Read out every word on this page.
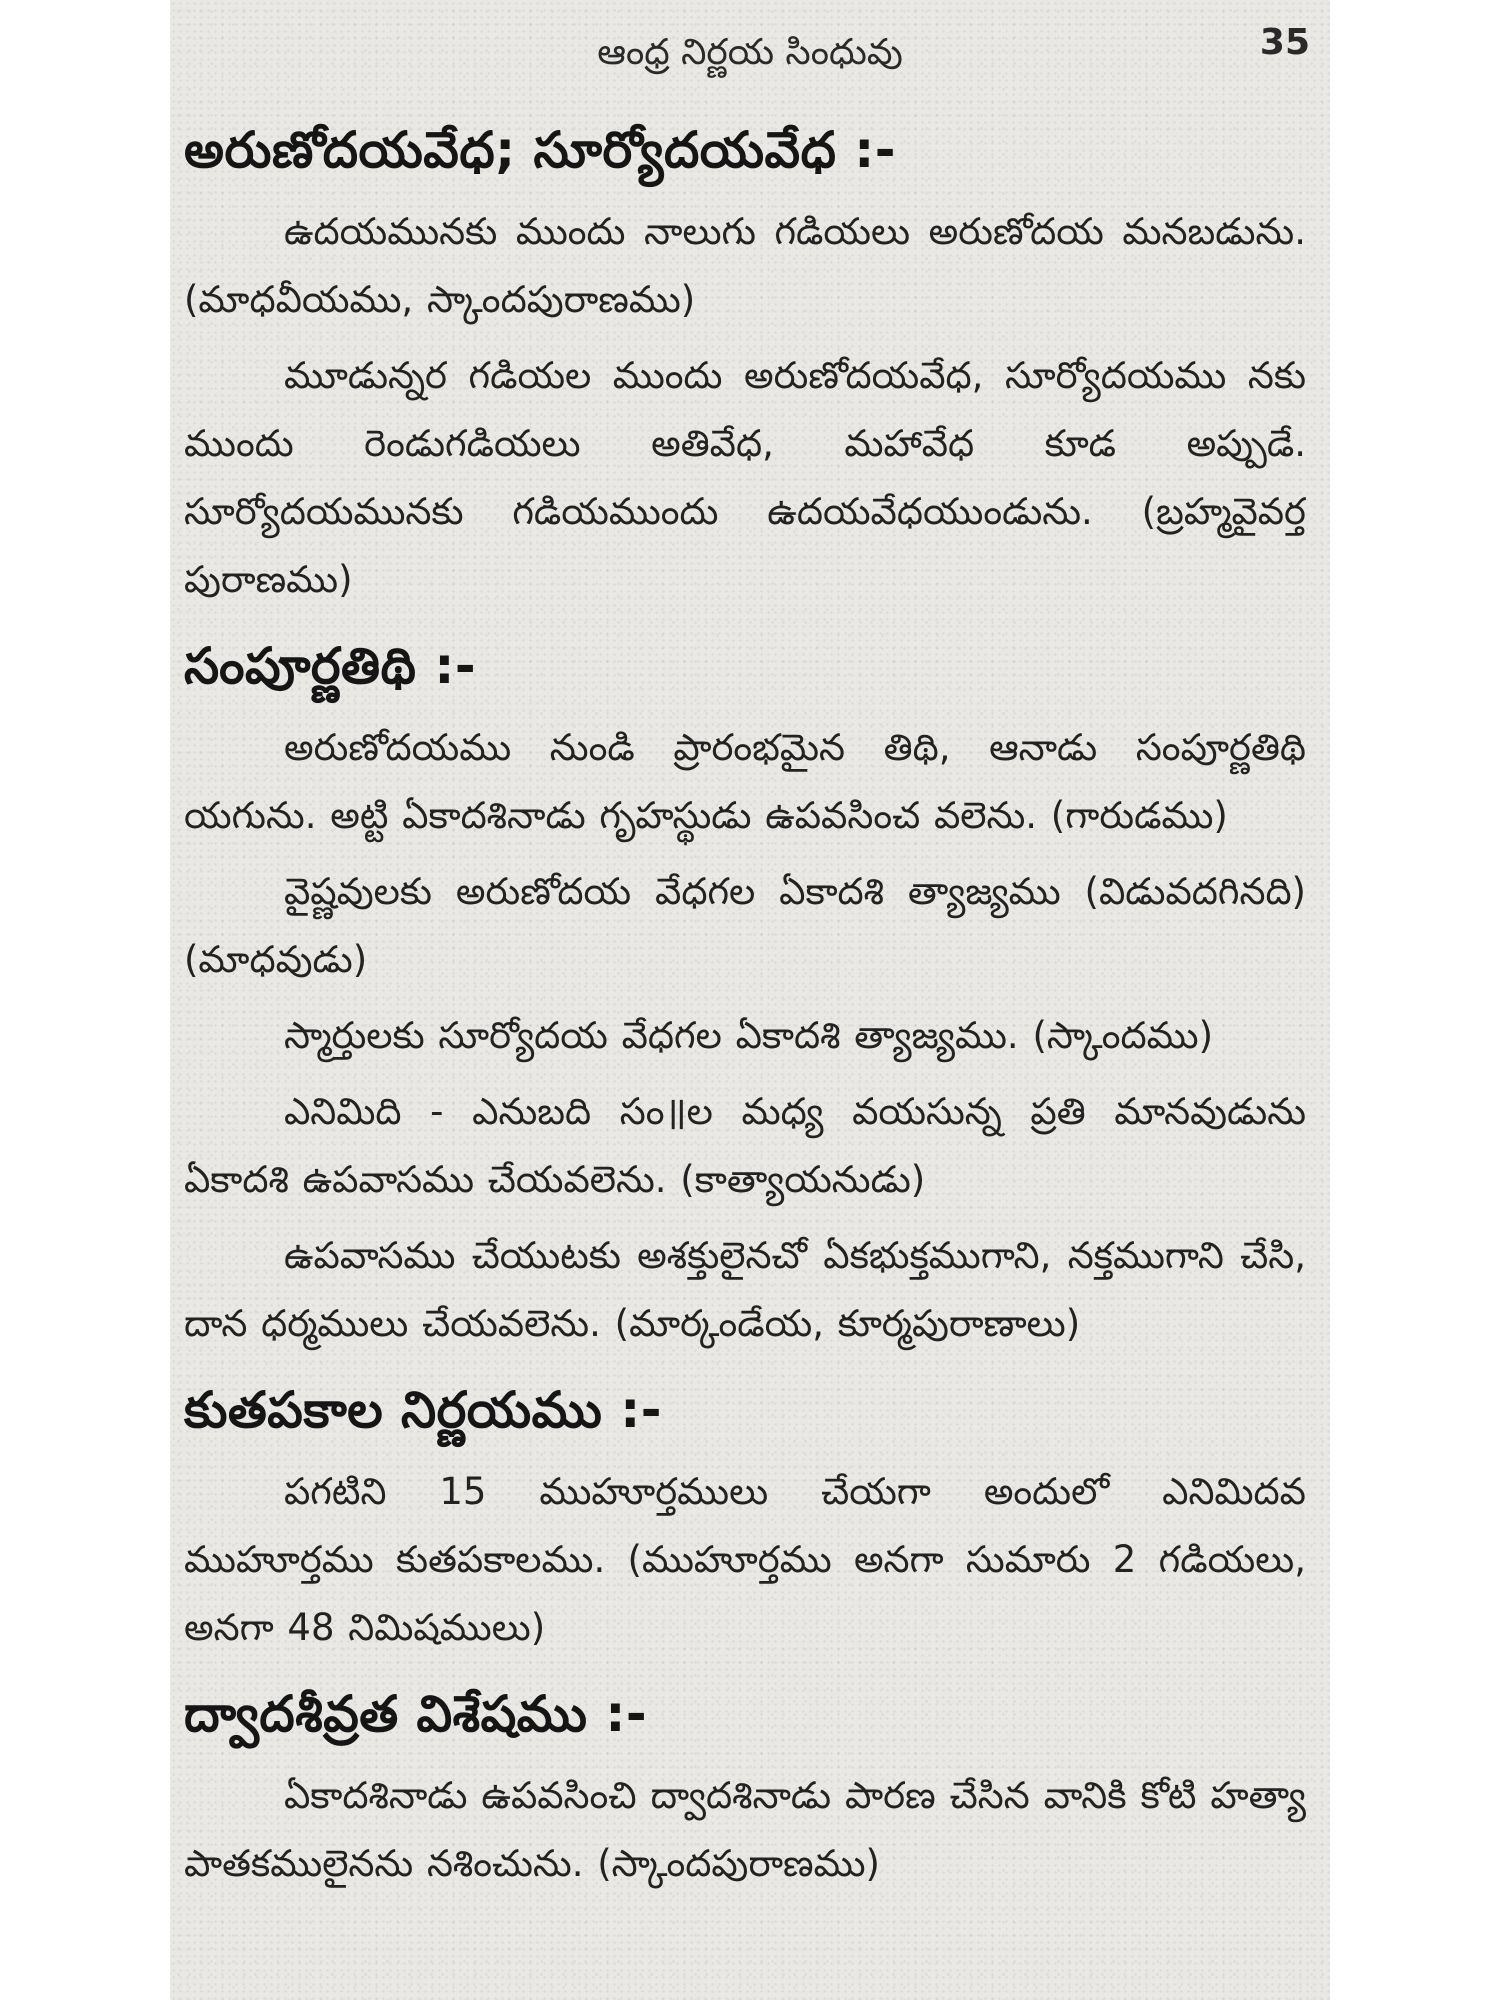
ఆంధ్ర నిర్ణయ సింధువు	35
అరుణోదయవేధ; సూర్యోదయవేధ :-

ఉదయమునకు ముందు నాలుగు గడియలు అరుణోదయ మనబడును. (మాధవీయము, స్కాందపురాణము)

మూడున్నర గడియల ముందు అరుణోదయవేధ, సూర్యోదయము నకు ముందు రెండుగడియలు అతివేధ, మహావేధ కూడ అప్పుడే. సూర్యోదయమునకు గడియముందు ఉదయవేధయుండును. (బ్రహ్మవైవర్త పురాణము)

సంపూర్ణతిథి :-

అరుణోదయము నుండి ప్రారంభమైన తిథి, ఆనాడు సంపూర్ణతిథి యగును. అట్టి ఏకాదశినాడు గృహస్థుడు ఉపవసించ వలెను. (గారుడము)

వైష్ణవులకు అరుణోదయ వేధగల ఏకాదశి త్యాజ్యము (విడువదగినది) (మాధవుడు)

స్మార్తులకు సూర్యోదయ వేధగల ఏకాదశి త్యాజ్యము. (స్కాందము)

ఎనిమిది - ఎనుబది సం॥ల మధ్య వయసున్న ప్రతి మానవుడును ఏకాదశి ఉపవాసము చేయవలెను. (కాత్యాయనుడు)

ఉపవాసము చేయుటకు అశక్తులైనచో ఏకభుక్తముగాని, నక్తముగాని చేసి, దాన ధర్మములు చేయవలెను. (మార్కండేయ, కూర్మపురాణాలు)

కుతపకాల నిర్ణయము :-

పగటిని 15 ముహూర్తములు చేయగా అందులో ఎనిమిదవ ముహూర్తము కుతపకాలము. (ముహూర్తము అనగా సుమారు 2 గడియలు, అనగా 48 నిమిషములు)

ద్వాదశీవ్రత విశేషము :-

ఏకాదశినాడు ఉపవసించి ద్వాదశినాడు పారణ చేసిన వానికి కోటి హత్యా పాతకములైనను నశించును. (స్కాందపురాణము)
